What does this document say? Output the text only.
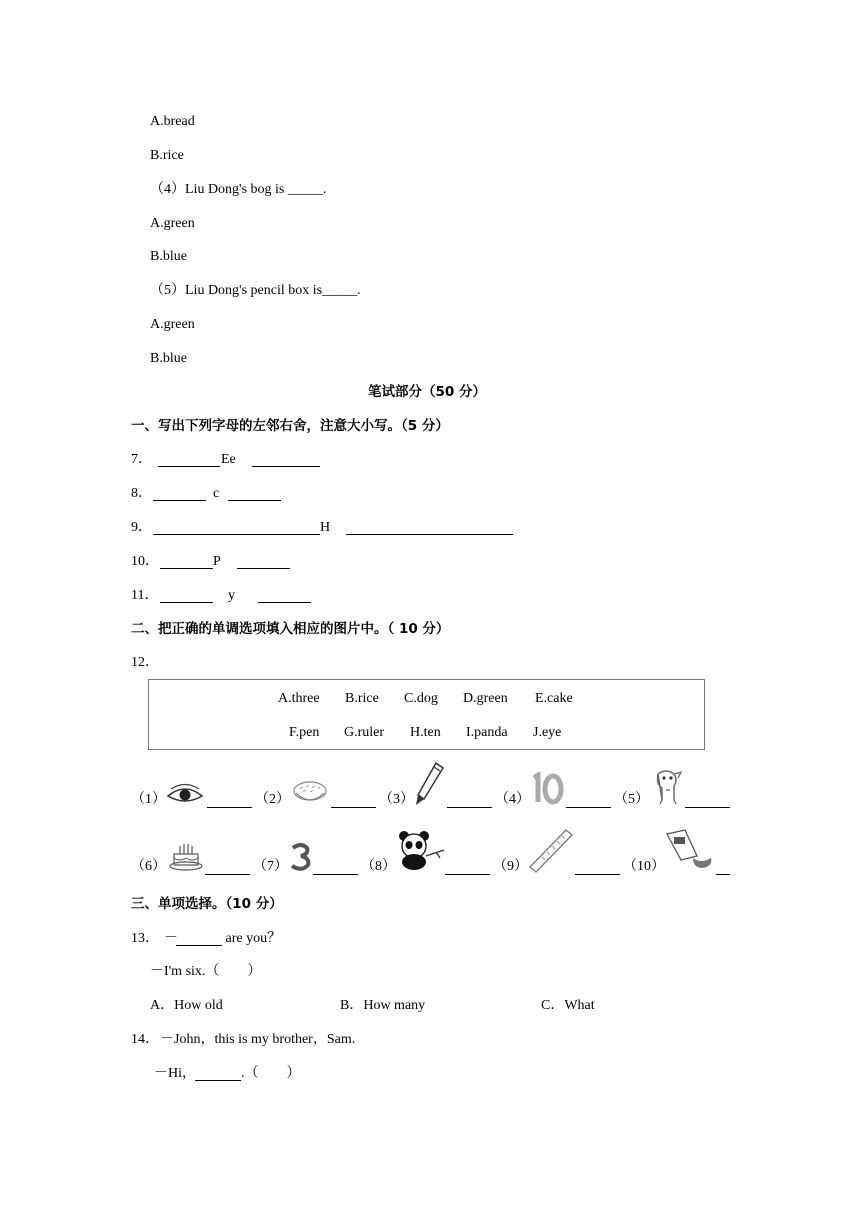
A.bread
B.rice
（4）Liu Dong's bog is _____.
A.green
B.blue
（5）Liu Dong's pencil box is_____.
A.green
B.blue
笔试部分（50 分）
一、写出下列字母的左邻右舍，注意大小写。（5 分）
7．	Ee
8．	c
9．	H
10．	P
11．	y
二、把正确的单调选项填入相应的图片中。（ 10 分）
12．
A.three B.rice C.dog D.green E.cake
F.pen G.ruler H.ten I.panda J.eye
（1）	（2）	（3）	（4）	（5）
（6）	（7）	（8）	（9）	（10）
三、单项选择。（10 分）
13． －	are you？
－I'm six.（　　）
A．How old	B．How many	C．What
14． －John，this is my brother，Sam.
－Hi，	.（　　）
